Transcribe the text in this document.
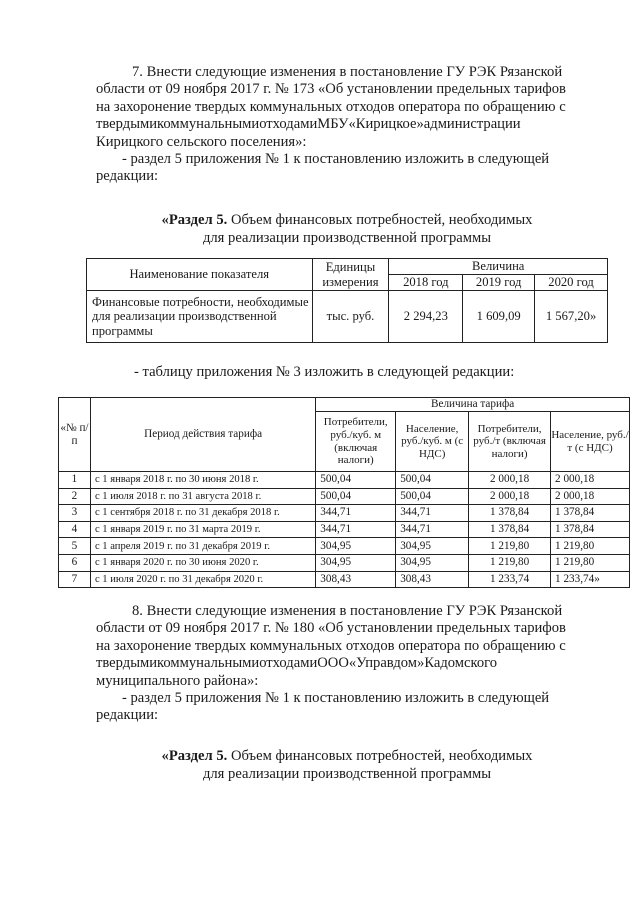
7. Внести следующие изменения в постановление ГУ РЭК Рязанской
области от 09 ноября 2017 г. № 173 «Об установлении предельных тарифов
на захоронение твердых коммунальных отходов оператора по обращению с
твердымикоммунальнымиотходамиМБУ«Кирицкое»администрации
Кирицкого сельского поселения»:
- раздел 5 приложения № 1 к постановлению изложить в следующей
редакции:
«Раздел 5. Объем финансовых потребностей, необходимых
для реализации производственной программы
Наименование показателя	Единицы измерения	Величина		
		2018 год	2019 год	2020 год
Финансовые потребности, необходимые для реализации производственной программы	тыс. руб.	2 294,23	1 609,09	1 567,20»
- таблицу приложения № 3 изложить в следующей редакции:
«№ п/п	Период действия тарифа	Величина тарифа			
		Потребители, руб./куб. м (включая налоги)	Население, руб./куб. м (с НДС)	Потребители, руб./т (включая налоги)	Население, руб./т (с НДС)
1	с 1 января 2018 г. по 30 июня 2018 г.	500,04	500,04	2 000,18	2 000,18
2	с 1 июля 2018 г. по 31 августа 2018 г.	500,04	500,04	2 000,18	2 000,18
3	с 1 сентября 2018 г. по 31 декабря 2018 г.	344,71	344,71	1 378,84	1 378,84
4	с 1 января 2019 г. по 31 марта 2019 г.	344,71	344,71	1 378,84	1 378,84
5	с 1 апреля 2019 г. по 31 декабря 2019 г.	304,95	304,95	1 219,80	1 219,80
6	с 1 января 2020 г. по 30 июня 2020 г.	304,95	304,95	1 219,80	1 219,80
7	с 1 июля 2020 г. по 31 декабря 2020 г.	308,43	308,43	1 233,74	1 233,74»
8. Внести следующие изменения в постановление ГУ РЭК Рязанской
области от 09 ноября 2017 г. № 180 «Об установлении предельных тарифов
на захоронение твердых коммунальных отходов оператора по обращению с
твердымикоммунальнымиотходамиООО«Управдом»Кадомского
муниципального района»:
- раздел 5 приложения № 1 к постановлению изложить в следующей
редакции:
«Раздел 5. Объем финансовых потребностей, необходимых
для реализации производственной программы
